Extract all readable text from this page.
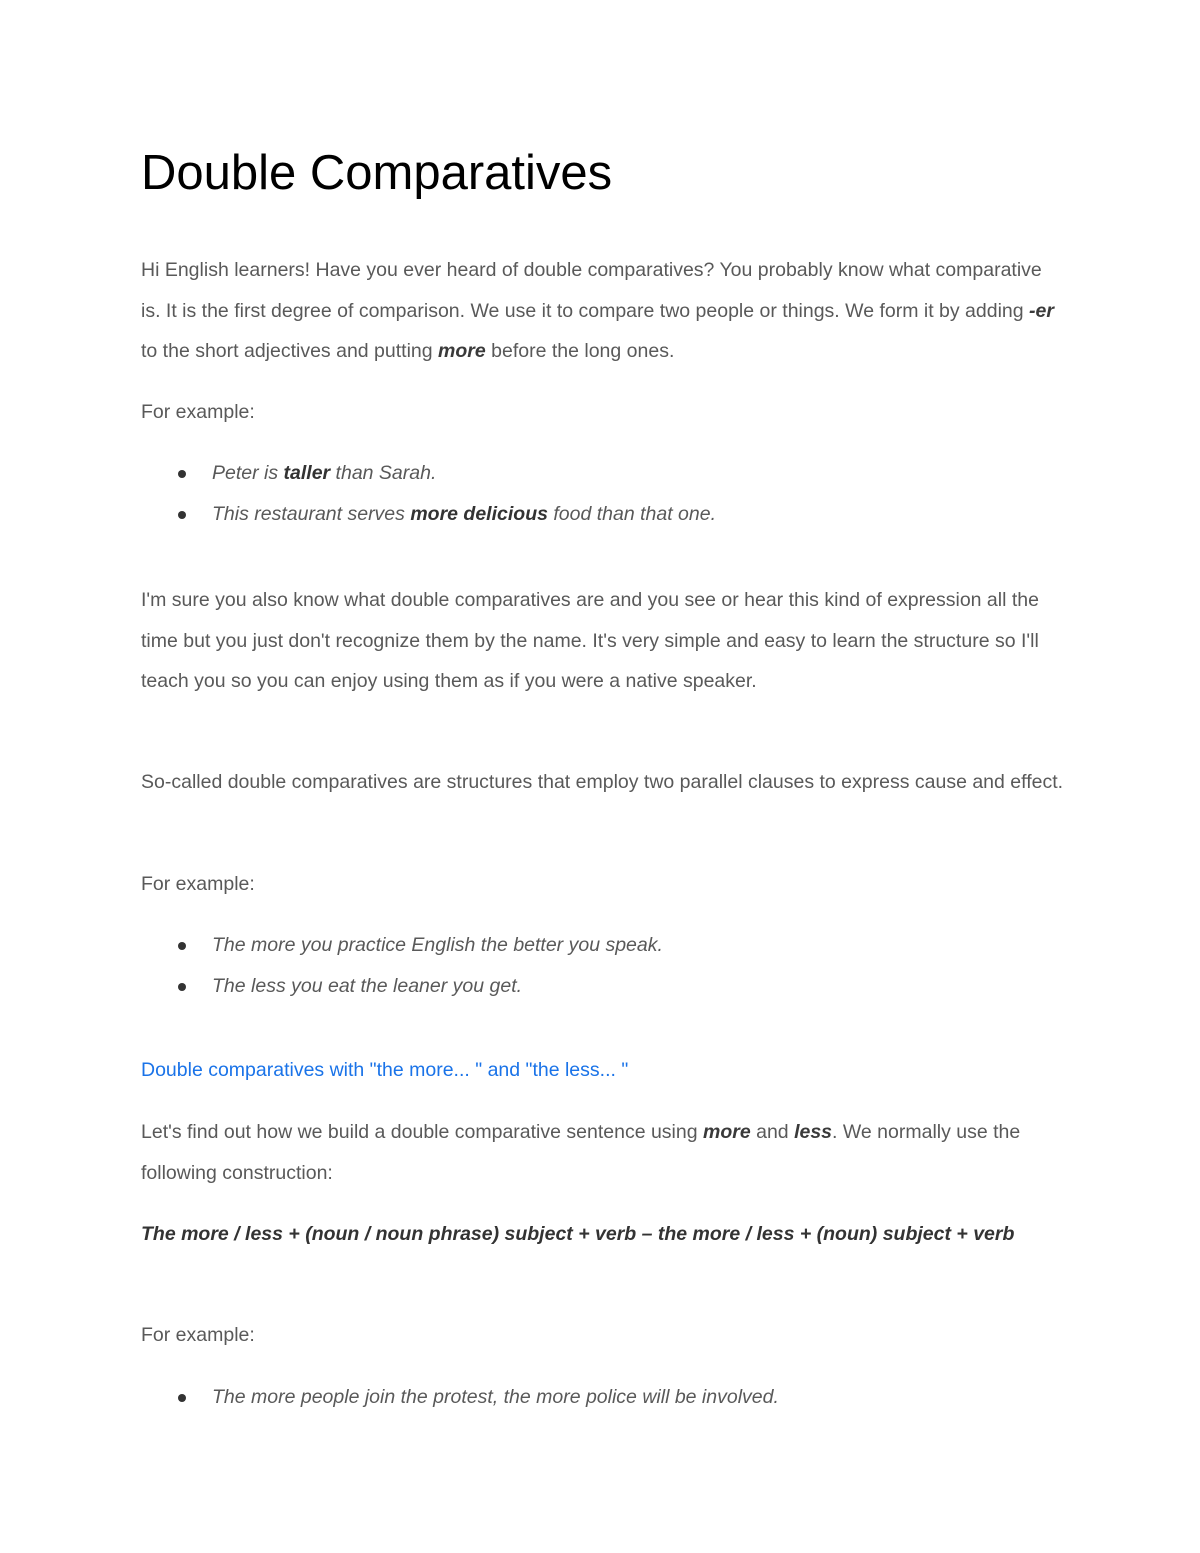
Double Comparatives

Hi English learners! Have you ever heard of double comparatives? You probably know what comparative is. It is the first degree of comparison. We use it to compare two people or things. We form it by adding -er to the short adjectives and putting more before the long ones.

For example:

Peter is taller than Sarah.
This restaurant serves more delicious food than that one.

I'm sure you also know what double comparatives are and you see or hear this kind of expression all the time but you just don't recognize them by the name. It's very simple and easy to learn the structure so I'll teach you so you can enjoy using them as if you were a native speaker.

So-called double comparatives are structures that employ two parallel clauses to express cause and effect.

For example:

The more you practice English the better you speak.
The less you eat the leaner you get.
Double comparatives with "the more... " and "the less... "

Let's find out how we build a double comparative sentence using more and less. We normally use the following construction:

The more / less + (noun / noun phrase) subject + verb – the more / less + (noun) subject + verb

For example:

The more people join the protest, the more police will be involved.
